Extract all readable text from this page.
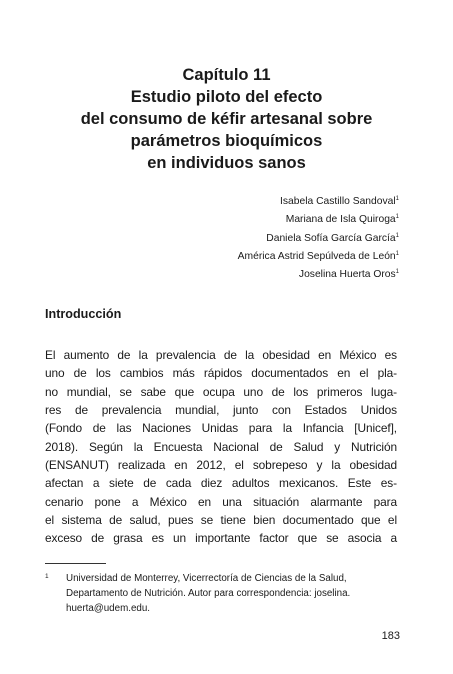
Capítulo 11
Estudio piloto del efecto
del consumo de kéfir artesanal sobre
parámetros bioquímicos
en individuos sanos
Isabela Castillo Sandoval$^1$
Mariana de Isla Quiroga$^1$
Daniela Sofía García García$^1$
América Astrid Sepúlveda de León$^1$
Joselina Huerta Oros$^1$
Introducción
El aumento de la prevalencia de la obesidad en México es
uno de los cambios más rápidos documentados en el pla-
no mundial, se sabe que ocupa uno de los primeros luga-
res de prevalencia mundial, junto con Estados Unidos
(Fondo de las Naciones Unidas para la Infancia [Unicef],
2018). Según la Encuesta Nacional de Salud y Nutrición
(ENSANUT) realizada en 2012, el sobrepeso y la obesidad
afectan a siete de cada diez adultos mexicanos. Este es-
cenario pone a México en una situación alarmante para
el sistema de salud, pues se tiene bien documentado que el
exceso de grasa es un importante factor que se asocia a
1 Universidad de Monterrey, Vicerrectoría de Ciencias de la Salud,
Departamento de Nutrición. Autor para correspondencia: joselina.
huerta@udem.edu.
183
